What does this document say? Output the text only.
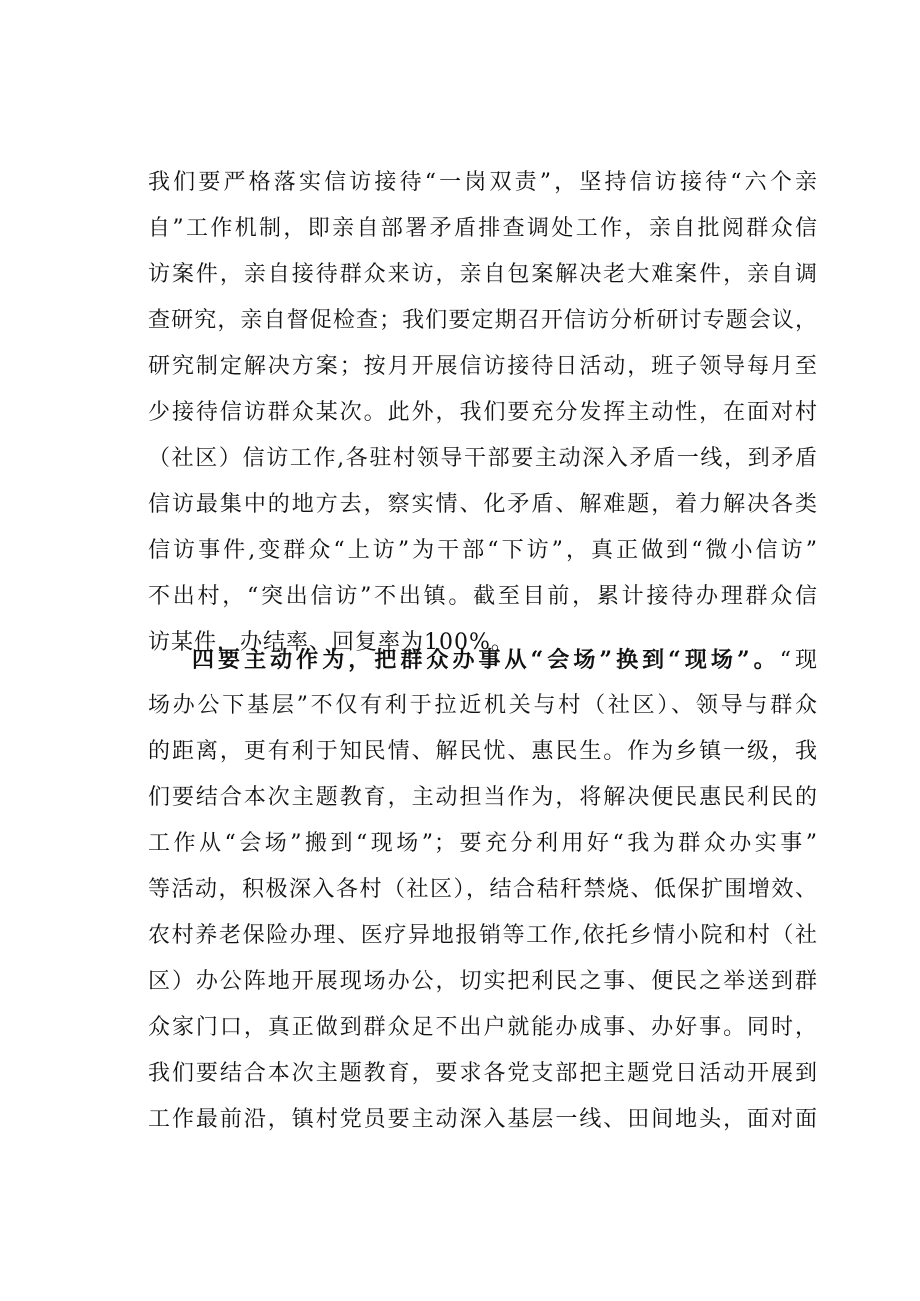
我们要严格落实信访接待“一岗双责”，坚持信访接待“六个亲
自”工作机制，即亲自部署矛盾排查调处工作，亲自批阅群众信
访案件，亲自接待群众来访，亲自包案解决老大难案件，亲自调
查研究，亲自督促检查；我们要定期召开信访分析研讨专题会议，
研究制定解决方案；按月开展信访接待日活动，班子领导每月至
少接待信访群众某次。此外，我们要充分发挥主动性，在面对村
（社区）信访工作,各驻村领导干部要主动深入矛盾一线，到矛盾
信访最集中的地方去，察实情、化矛盾、解难题，着力解决各类
信访事件,变群众“上访”为干部“下访”，真正做到“微小信访”
不出村，“突出信访”不出镇。截至目前，累计接待办理群众信
访某件，办结率、回复率为100%。
四要主动作为，把群众办事从“会场”换到“现场”。“现
场办公下基层”不仅有利于拉近机关与村（社区）、领导与群众
的距离，更有利于知民情、解民忧、惠民生。作为乡镇一级，我
们要结合本次主题教育，主动担当作为，将解决便民惠民利民的
工作从“会场”搬到“现场”；要充分利用好“我为群众办实事”
等活动，积极深入各村（社区），结合秸秆禁烧、低保扩围增效、
农村养老保险办理、医疗异地报销等工作,依托乡情小院和村（社
区）办公阵地开展现场办公，切实把利民之事、便民之举送到群
众家门口，真正做到群众足不出户就能办成事、办好事。同时，
我们要结合本次主题教育，要求各党支部把主题党日活动开展到
工作最前沿，镇村党员要主动深入基层一线、田间地头，面对面
